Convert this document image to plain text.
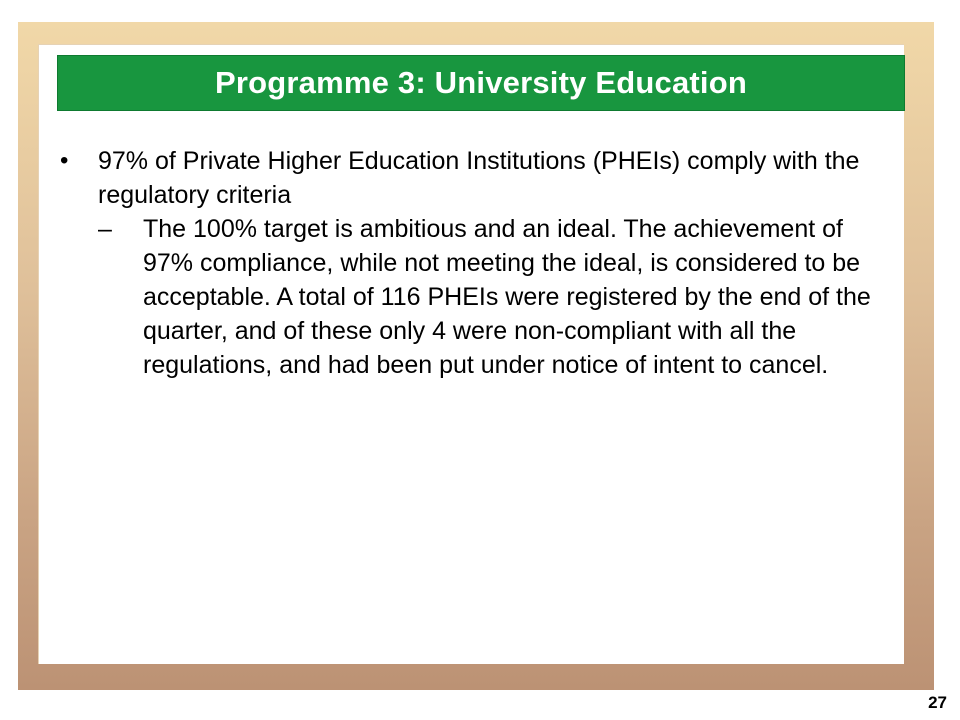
Programme 3: University Education
•	97% of Private Higher Education Institutions (PHEIs) comply with the regulatory criteria
–	The 100% target is ambitious and an ideal. The achievement of 97% compliance, while not meeting the ideal, is considered to be acceptable. A total of 116 PHEIs were registered by the end of the quarter, and of these only 4 were non-compliant with all the regulations, and had been put under notice of intent to cancel.
27
